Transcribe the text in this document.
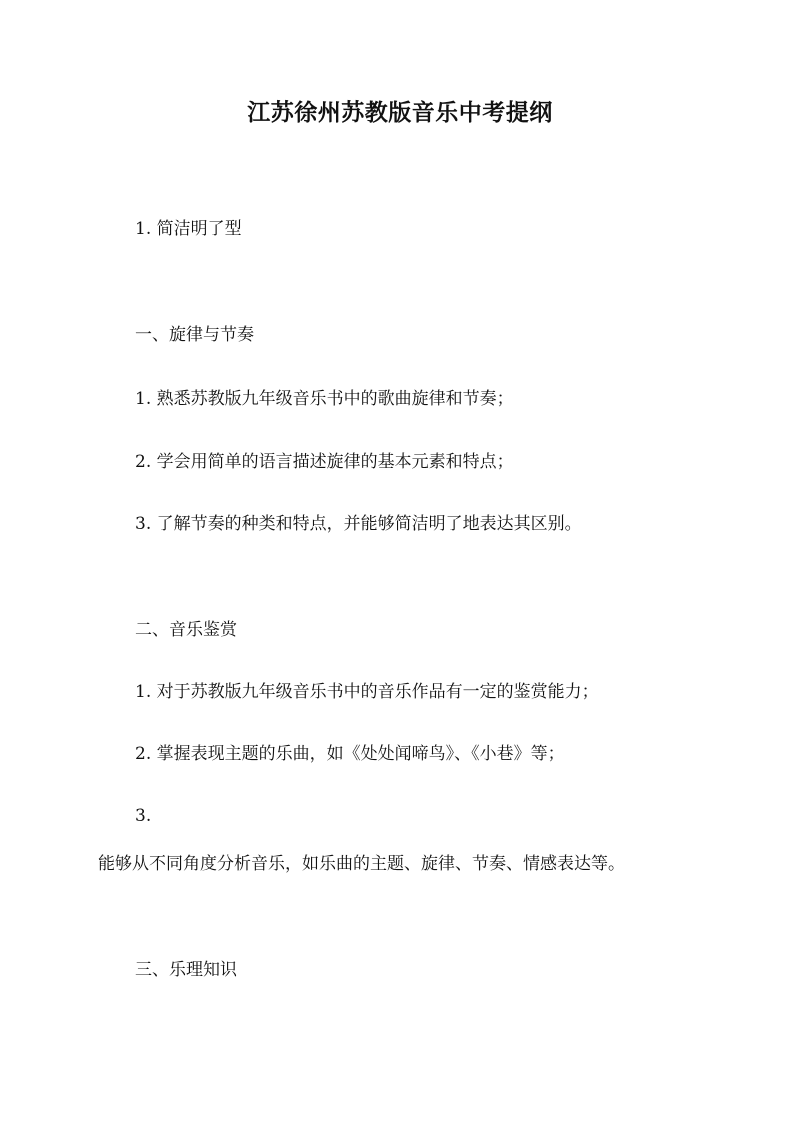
江苏徐州苏教版音乐中考提纲
1. 简洁明了型
一、旋律与节奏
1. 熟悉苏教版九年级音乐书中的歌曲旋律和节奏；
2. 学会用简单的语言描述旋律的基本元素和特点；
3. 了解节奏的种类和特点，并能够简洁明了地表达其区别。
二、音乐鉴赏
1. 对于苏教版九年级音乐书中的音乐作品有一定的鉴赏能力；
2. 掌握表现主题的乐曲，如《处处闻啼鸟》、《小巷》等；
3.
能够从不同角度分析音乐，如乐曲的主题、旋律、节奏、情感表达等。
三、乐理知识
